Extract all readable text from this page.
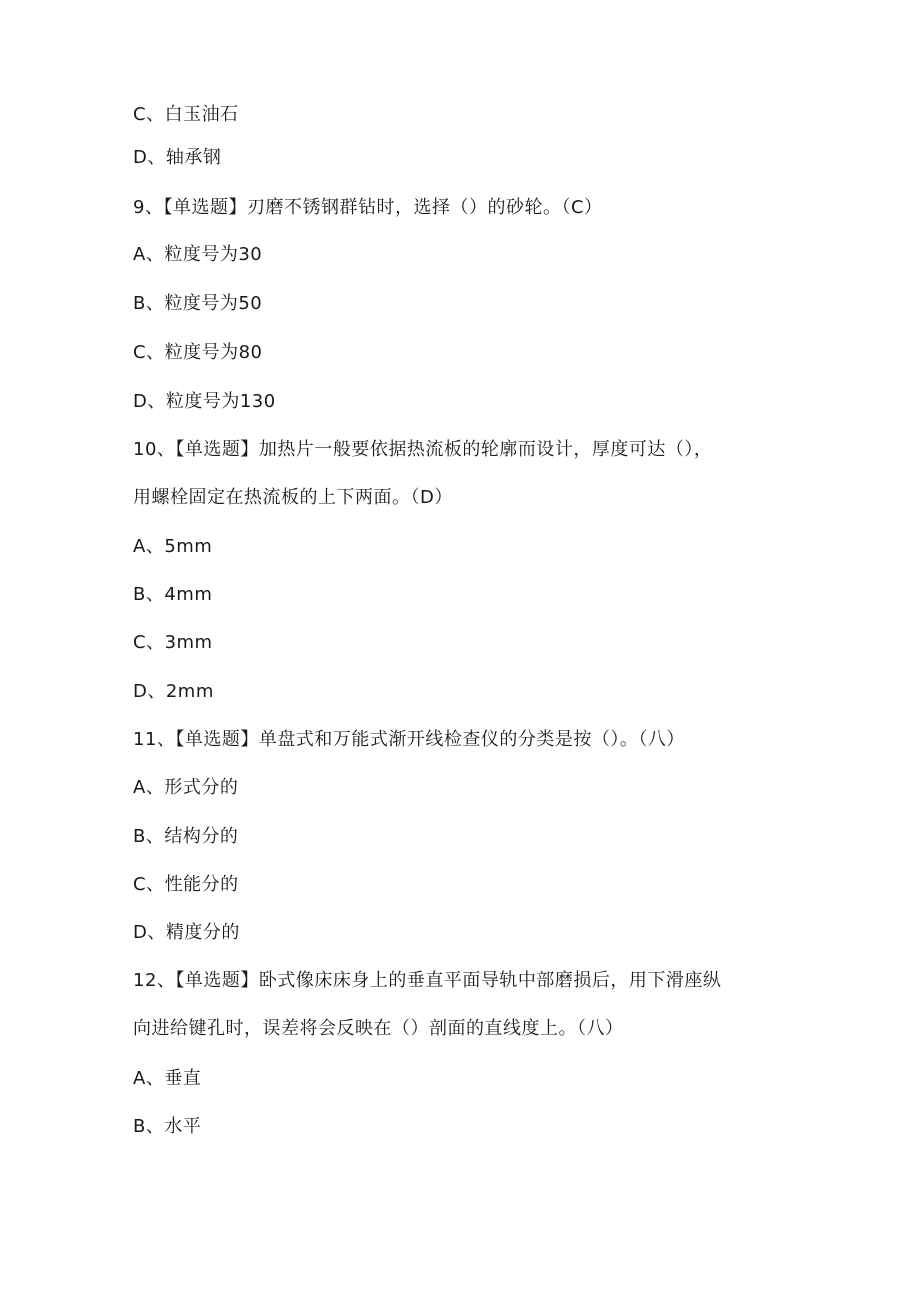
C、白玉油石
D、轴承钢
9、【单选题】刃磨不锈钢群钻时，选择（）的砂轮。（C）
A、粒度号为30
B、粒度号为50
C、粒度号为80
D、粒度号为130
10、【单选题】加热片一般要依据热流板的轮廓而设计，厚度可达（），
用螺栓固定在热流板的上下两面。（D）
A、5mm
B、4mm
C、3mm
D、2mm
11、【单选题】单盘式和万能式渐开线检查仪的分类是按（）。（八）
A、形式分的
B、结构分的
C、性能分的
D、精度分的
12、【单选题】卧式像床床身上的垂直平面导轨中部磨损后，用下滑座纵
向进给键孔时，误差将会反映在（）剖面的直线度上。（八）
A、垂直
B、水平
